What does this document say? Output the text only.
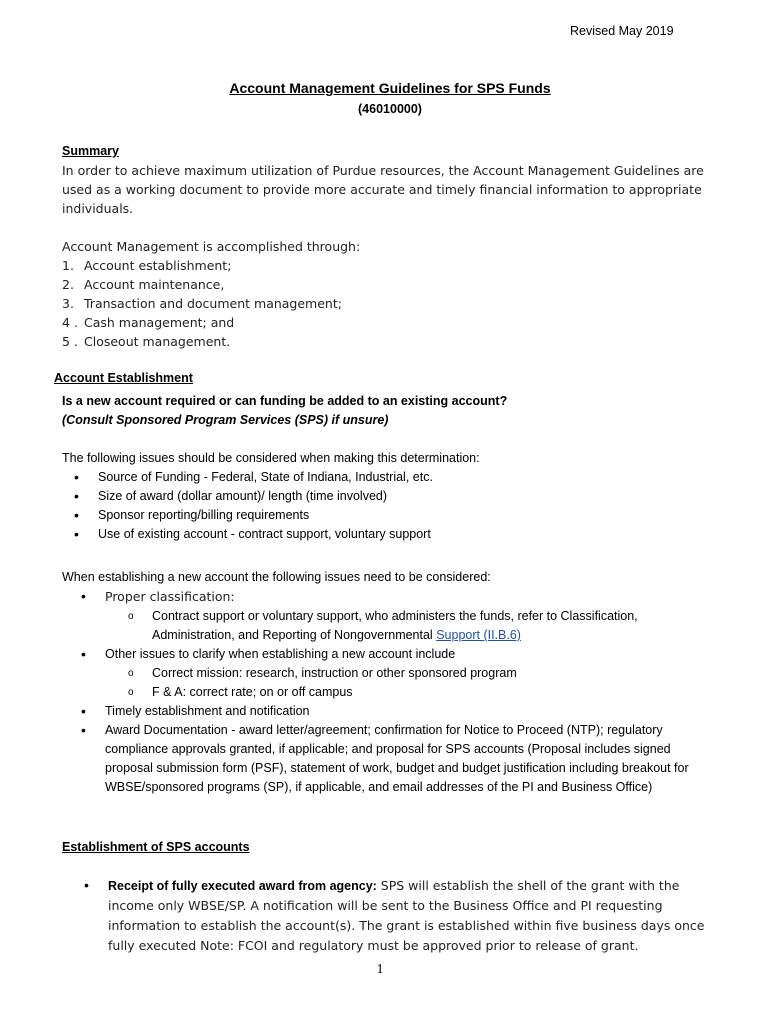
Revised May 2019
Account Management Guidelines for SPS Funds
(46010000)

Summary

In order to achieve maximum utilization of Purdue resources, the Account Management Guidelines are used as a working document to provide more accurate and timely financial information to appropriate individuals.

Account Management is accomplished through:

1. Account establishment;
2. Account maintenance,
3. Transaction and document management;
4 . Cash management; and
5 . Closeout management.
Account Establishment

Is a new account required or can funding be added to an existing account?

(Consult Sponsored Program Services (SPS) if unsure)

The following issues should be considered when making this determination:

• Source of Funding - Federal, State of Indiana, Industrial, etc.
• Size of award (dollar amount)/ length (time involved)
• Sponsor reporting/billing requirements
• Use of existing account - contract support, voluntary support

When establishing a new account the following issues need to be considered:

• Proper classification:
o Contract support or voluntary support, who administers the funds, refer to Classification, Administration, and Reporting of Nongovernmental Support (II.B.6)
• Other issues to clarify when establishing a new account include
o Correct mission: research, instruction or other sponsored program
o F & A: correct rate; on or off campus
• Timely establishment and notification
• Award Documentation - award letter/agreement; confirmation for Notice to Proceed (NTP); regulatory compliance approvals granted, if applicable; and proposal for SPS accounts (Proposal includes signed proposal submission form (PSF), statement of work, budget and budget justification including breakout for WBSE/sponsored programs (SP), if applicable, and email addresses of the PI and Business Office)
Establishment of SPS accounts
• Receipt of fully executed award from agency: SPS will establish the shell of the grant with the income only WBSE/SP. A notification will be sent to the Business Office and PI requesting information to establish the account(s). The grant is established within five business days once fully executed Note: FCOI and regulatory must be approved prior to release of grant.
1
